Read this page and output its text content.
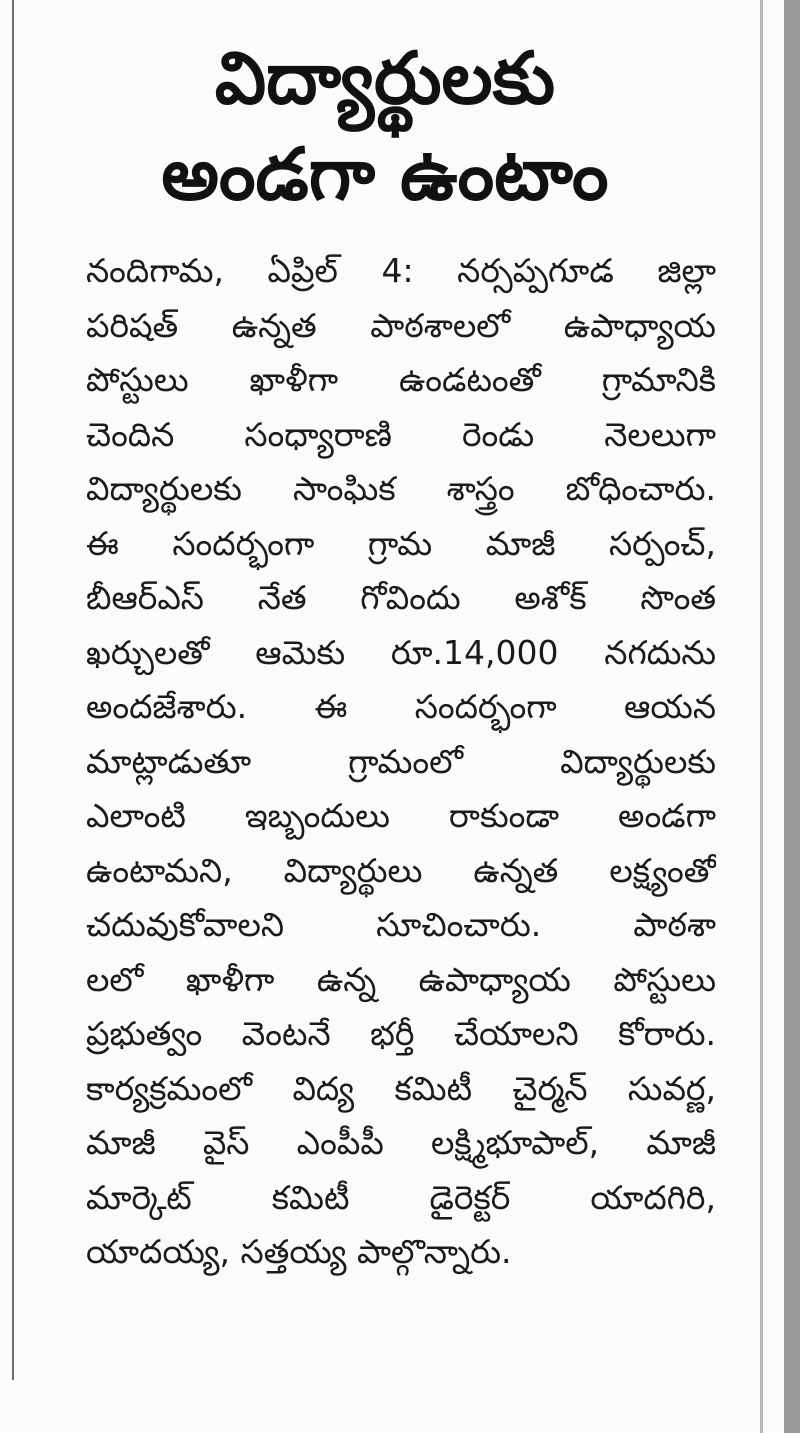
విద్యార్థులకు
అండగా ఉంటాం
నందిగామ, ఏప్రిల్ 4: నర్సప్పగూడ జిల్లా
పరిషత్ ఉన్నత పాఠశాలలో ఉపాధ్యాయ
పోస్టులు ఖాళీగా ఉండటంతో గ్రామానికి
చెందిన సంధ్యారాణి రెండు నెలలుగా
విద్యార్థులకు సాంఘిక శాస్త్రం బోధించారు.
ఈ సందర్భంగా గ్రామ మాజీ సర్పంచ్,
బీఆర్ఎస్ నేత గోవిందు అశోక్ సొంత
ఖర్చులతో ఆమెకు రూ.14,000 నగదును
అందజేశారు. ఈ సందర్భంగా ఆయన
మాట్లాడుతూ గ్రామంలో విద్యార్థులకు
ఎలాంటి ఇబ్బందులు రాకుండా అండగా
ఉంటామని, విద్యార్థులు ఉన్నత లక్ష్యంతో
చదువుకోవాలని సూచించారు. పాఠశా
లలో ఖాళీగా ఉన్న ఉపాధ్యాయ పోస్టులు
ప్రభుత్వం వెంటనే భర్తీ చేయాలని కోరారు.
కార్యక్రమంలో విద్య కమిటీ చైర్మన్ సువర్ణ,
మాజీ వైస్ ఎంపీపీ లక్ష్మిభూపాల్, మాజీ
మార్కెట్ కమిటీ డైరెక్టర్ యాదగిరి,
యాదయ్య, సత్తయ్య పాల్గొన్నారు.
